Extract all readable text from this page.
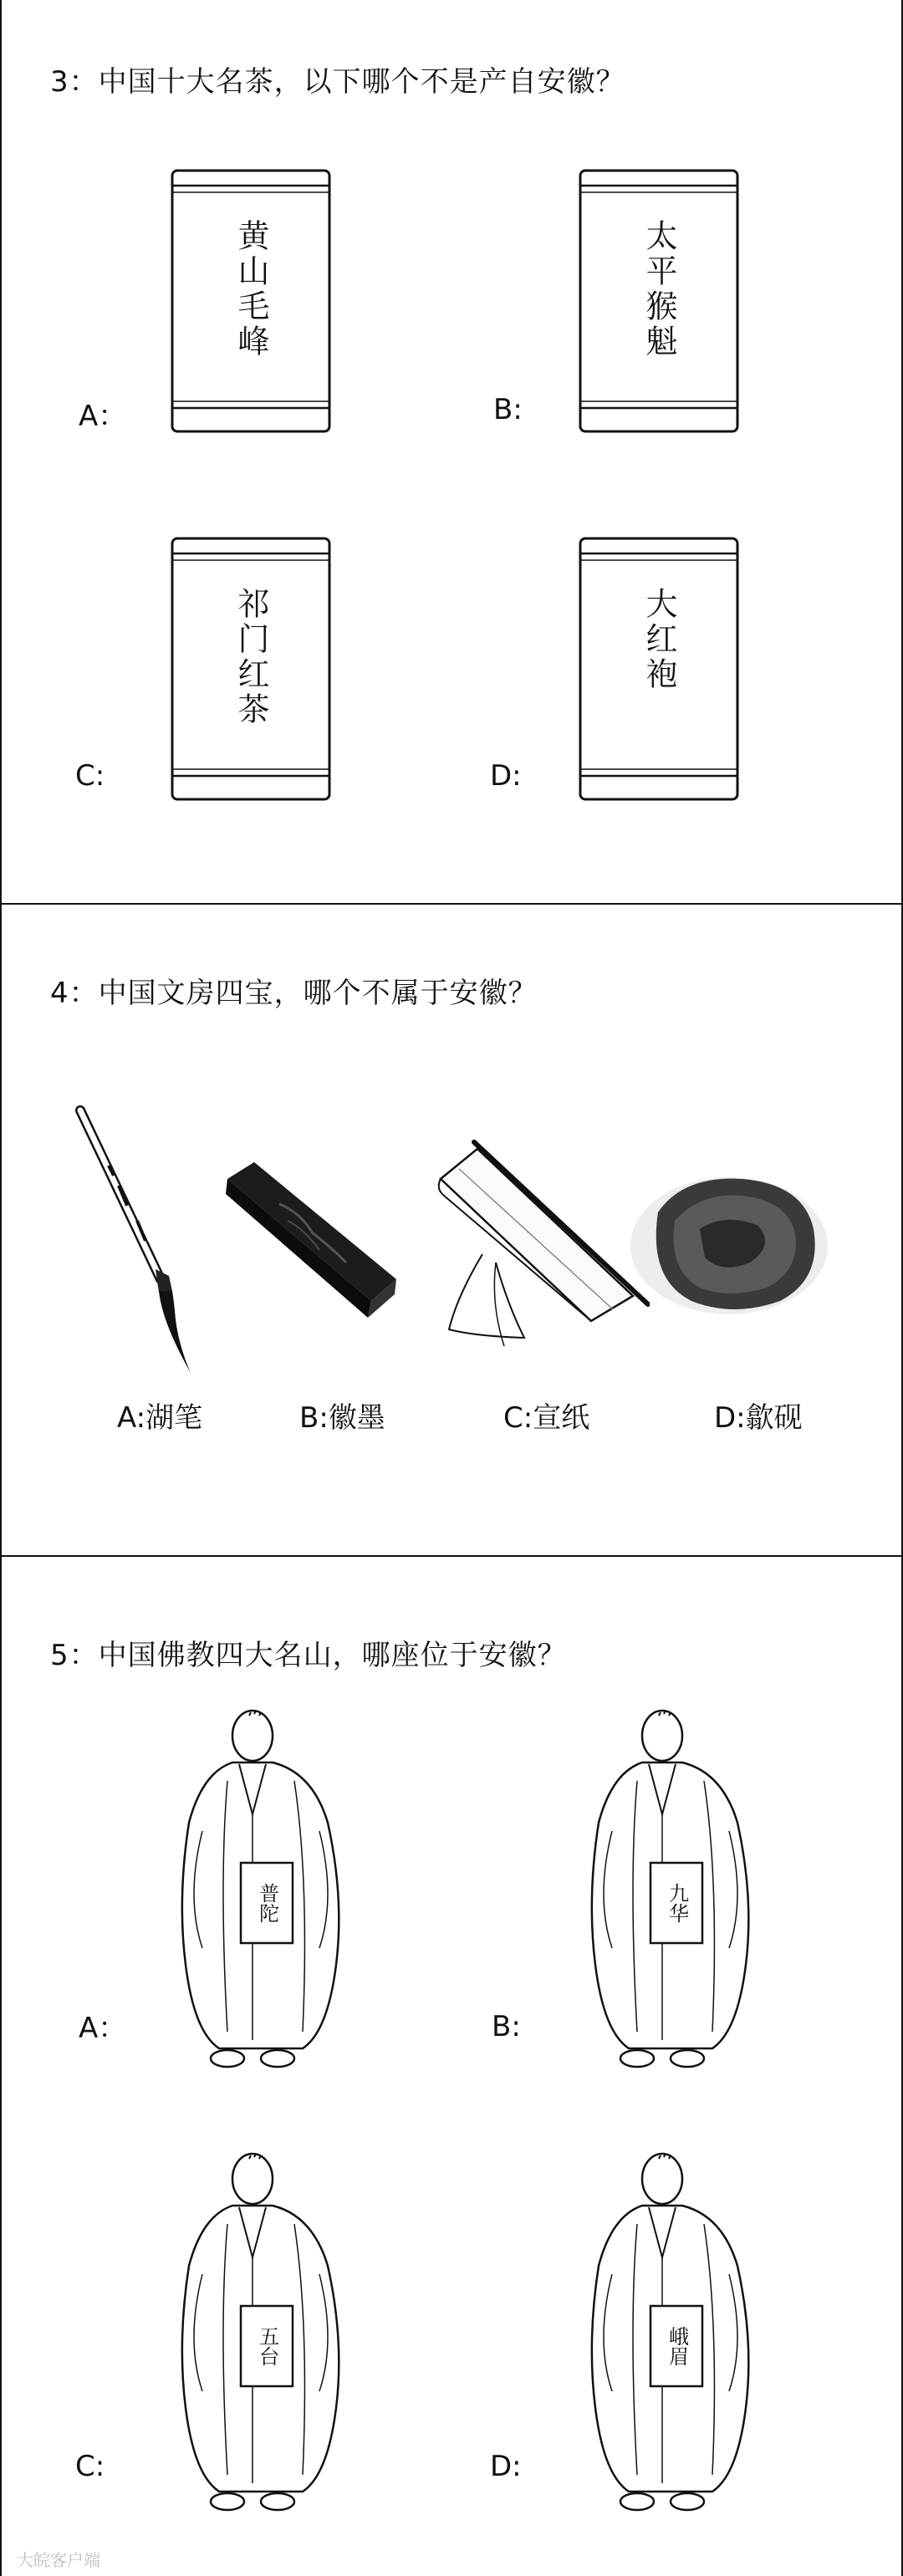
3：中国十大名茶，以下哪个不是产自安徽？
黄山毛峰
A：
太平猴魁
B:
祁门红茶
C:
大红袍
D:
4：中国文房四宝，哪个不属于安徽？
A:湖笔	B:徽墨	C:宣纸	D:歙砚
5：中国佛教四大名山，哪座位于安徽？
普陀
A：
九华
B:
五台
C:
峨眉
D:
大皖客户端
